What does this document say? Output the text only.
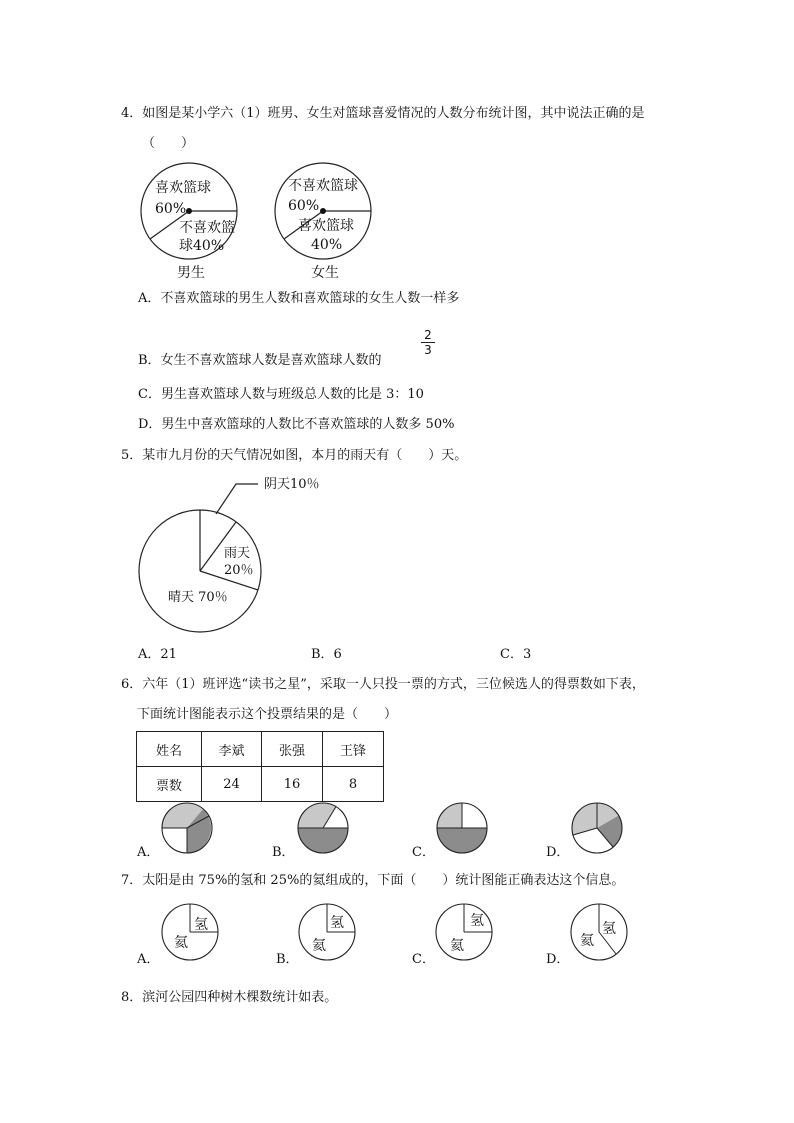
4．如图是某小学六（1）班男、女生对篮球喜爱情况的人数分布统计图，其中说法正确的是
（　　）
喜欢篮球
60%
不喜欢篮
球40%
男生
不喜欢篮球
60%
喜欢篮球
40%
女生
A．不喜欢篮球的男生人数和喜欢篮球的女生人数一样多
B．女生不喜欢篮球人数是喜欢篮球人数的
$\frac{2}{3}$
C．男生喜欢篮球人数与班级总人数的比是 3：10
D．男生中喜欢篮球的人数比不喜欢篮球的人数多 50%
5．某市九月份的天气情况如图，本月的雨天有（　　）天。
阴天10％
雨天
20％
晴天 70％
A．21	B．6	C．3
6．六年（1）班评选“读书之星”，采取一人只投一票的方式，三位候选人的得票数如下表，
下面统计图能表示这个投票结果的是（　　）
姓名	李斌	张强	王锋
票数	24	16	8
A．	B．	C．	D．
7．太阳是由 75%的氢和 25%的氦组成的，下面（　　）统计图能正确表达这个信息。
氢
氦
氢
氦
氢
氦
氢
氦
A．	B．	C．	D．
8．滨河公园四种树木棵数统计如表。
